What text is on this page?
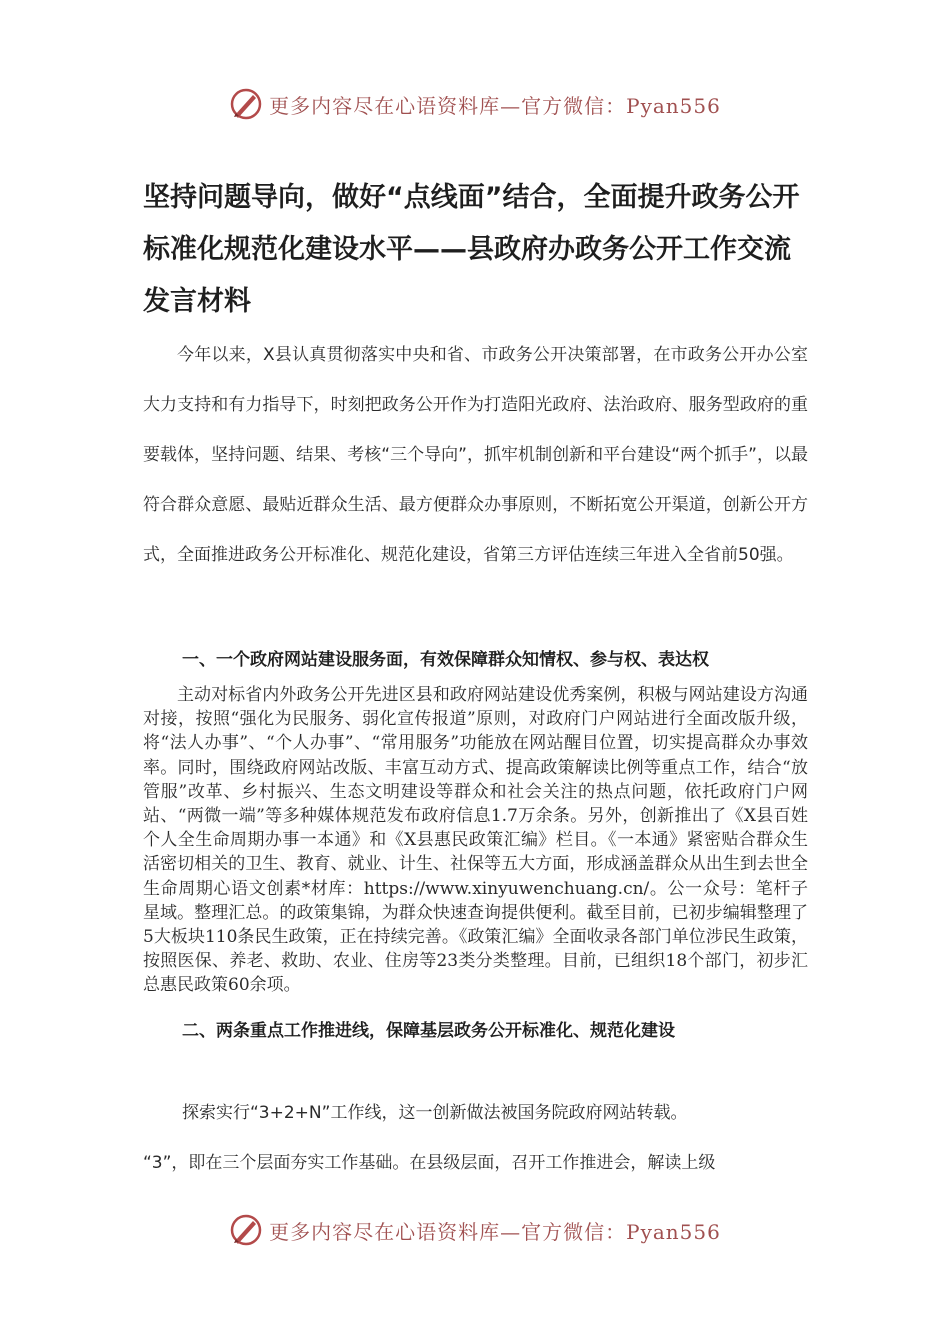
更多内容尽在心语资料库—官方微信：Pyan556
坚持问题导向，做好“点线面”结合，全面提升政务公开标准化规范化建设水平——县政府办政务公开工作交流发言材料
今年以来，X县认真贯彻落实中央和省、市政务公开决策部署，在市政务公开办公室大力支持和有力指导下，时刻把政务公开作为打造阳光政府、法治政府、服务型政府的重要载体，坚持问题、结果、考核“三个导向”，抓牢机制创新和平台建设“两个抓手”，以最符合群众意愿、最贴近群众生活、最方便群众办事原则，不断拓宽公开渠道，创新公开方式，全面推进政务公开标准化、规范化建设，省第三方评估连续三年进入全省前50强。
一、一个政府网站建设服务面，有效保障群众知情权、参与权、表达权
主动对标省内外政务公开先进区县和政府网站建设优秀案例，积极与网站建设方沟通对接，按照“强化为民服务、弱化宣传报道”原则，对政府门户网站进行全面改版升级，将“法人办事”、“个人办事”、“常用服务”功能放在网站醒目位置，切实提高群众办事效率。同时，围绕政府网站改版、丰富互动方式、提高政策解读比例等重点工作，结合“放管服”改革、乡村振兴、生态文明建设等群众和社会关注的热点问题，依托政府门户网站、“两微一端”等多种媒体规范发布政府信息1.7万余条。另外，创新推出了《X县百姓个人全生命周期办事一本通》和《X县惠民政策汇编》栏目。《一本通》紧密贴合群众生活密切相关的卫生、教育、就业、计生、社保等五大方面，形成涵盖群众从出生到去世全生命周期心语文创素*材库：https://www.xinyuwenchuang.cn/。公一众号：笔杆子星域。整理汇总。的政策集锦，为群众快速查询提供便利。截至目前，已初步编辑整理了5大板块110条民生政策，正在持续完善。《政策汇编》全面收录各部门单位涉民生政策，按照医保、养老、救助、农业、住房等23类分类整理。目前，已组织18个部门，初步汇总惠民政策60余项。
二、两条重点工作推进线，保障基层政务公开标准化、规范化建设
探索实行“3+2+N”工作线，这一创新做法被国务院政府网站转载。
“3”，即在三个层面夯实工作基础。在县级层面，召开工作推进会，解读上级
更多内容尽在心语资料库—官方微信：Pyan556
